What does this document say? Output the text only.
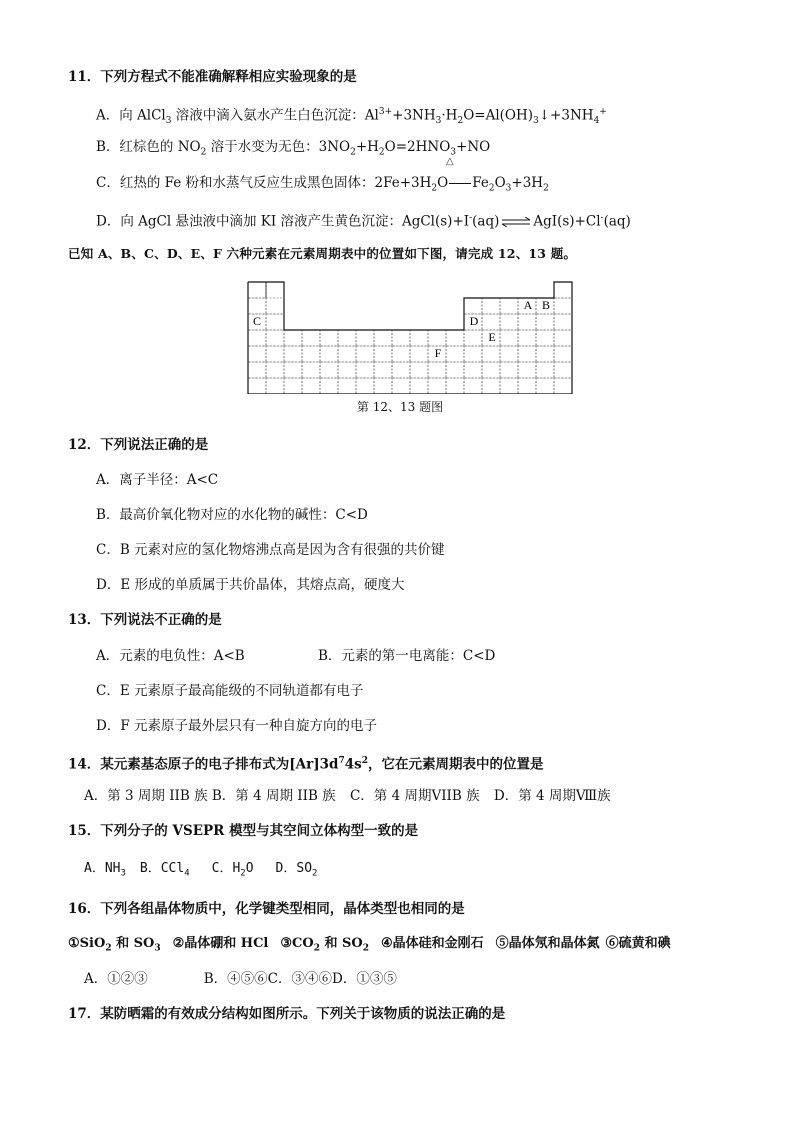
11．下列方程式不能准确解释相应实验现象的是
A．向 AlCl$_3$ 溶液中滴入氨水产生白色沉淀：$Al^{3+}+3NH_3\cdot H_2O=Al(OH)_3↓+3NH_4^+$
B．红棕色的 $NO_2$ 溶于水变为无色：$3NO_2+H_2O=2HNO_3+NO$
△
C．红热的 Fe 粉和水蒸气反应生成黑色固体：$2Fe+3H_2O$ $Fe_2O_3+3H_2$
D．向 AgCl 悬浊液中滴加 KI 溶液产生黄色沉淀：AgCl(s)+I-(aq) ⇌ AgI(s)+Cl-(aq)
已知 A、B、C、D、E、F 六种元素在元素周期表中的位置如下图，请完成 12、13 题。
A B
C	D
E
F
第 12、13 题图
12．下列说法正确的是
A．离子半径：A<C
B．最高价氧化物对应的水化物的碱性：C<D
C．B 元素对应的氢化物熔沸点高是因为含有很强的共价键
D．E 形成的单质属于共价晶体，其熔点高，硬度大
13．下列说法不正确的是
A．元素的电负性：A<B	B．元素的第一电离能：C<D
C．E 元素原子最高能级的不同轨道都有电子
D．F 元素原子最外层只有一种自旋方向的电子
14．某元素基态原子的电子排布式为$[Ar]3d^74s^2$，它在元素周期表中的位置是
A．第 3 周期 IIB 族 B．第 4 周期 IIB 族 C．第 4 周期VIIB 族 D．第 4 周期Ⅷ族
15．下列分子的 VSEPR 模型与其空间立体构型一致的是
A．$NH_3$ B．CCl$_4$ C．$H_2O$ D．$SO_2$
16．下列各组晶体物质中，化学键类型相同，晶体类型也相同的是
①SiO$_2$ 和 $SO_3$ ②晶体硼和 HCl $③CO_2$ 和 $SO_2$ ④晶体硅和金刚石 ⑤晶体氖和晶体氮 ⑥硫黄和碘
A．①②③	B．④⑤⑥C．③④⑥D．①③⑤
17．某防晒霜的有效成分结构如图所示。下列关于该物质的说法正确的是
